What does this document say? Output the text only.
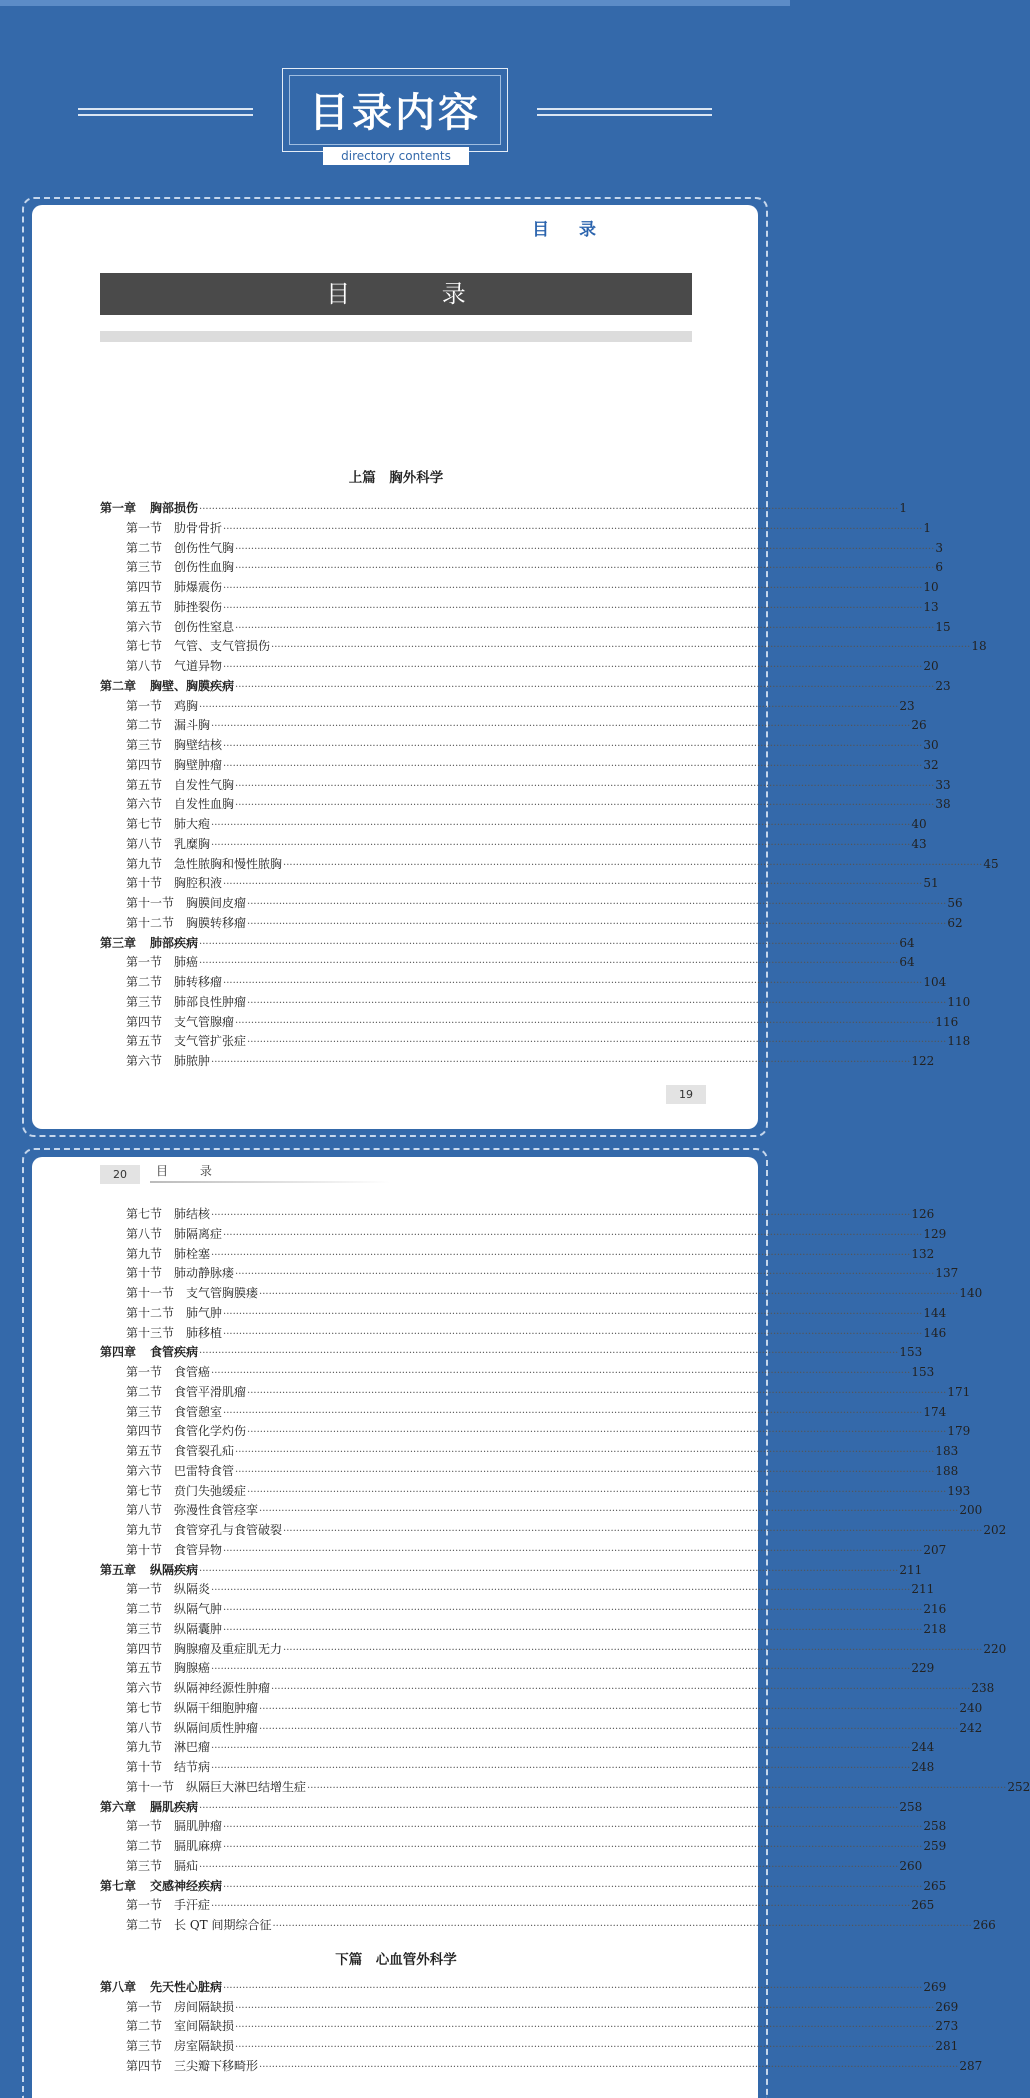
目录内容
directory contents
目 录
目 录
上篇　胸外科学
第一章 胸部损伤 ···························································································································································································································· 1
第一节 肋骨骨折 ···························································································································································································································· 1
第二节 创伤性气胸 ···························································································································································································································· 3
第三节 创伤性血胸 ···························································································································································································································· 6
第四节 肺爆震伤 ···························································································································································································································· 10
第五节 肺挫裂伤 ···························································································································································································································· 13
第六节 创伤性窒息 ···························································································································································································································· 15
第七节 气管、支气管损伤 ···························································································································································································································· 18
第八节 气道异物 ···························································································································································································································· 20
第二章 胸壁、胸膜疾病 ···························································································································································································································· 23
第一节 鸡胸 ···························································································································································································································· 23
第二节 漏斗胸 ···························································································································································································································· 26
第三节 胸壁结核 ···························································································································································································································· 30
第四节 胸壁肿瘤 ···························································································································································································································· 32
第五节 自发性气胸 ···························································································································································································································· 33
第六节 自发性血胸 ···························································································································································································································· 38
第七节 肺大疱 ···························································································································································································································· 40
第八节 乳糜胸 ···························································································································································································································· 43
第九节 急性脓胸和慢性脓胸 ···························································································································································································································· 45
第十节 胸腔积液 ···························································································································································································································· 51
第十一节 胸膜间皮瘤 ···························································································································································································································· 56
第十二节 胸膜转移瘤 ···························································································································································································································· 62
第三章 肺部疾病 ···························································································································································································································· 64
第一节 肺癌 ···························································································································································································································· 64
第二节 肺转移瘤 ···························································································································································································································· 104
第三节 肺部良性肿瘤 ···························································································································································································································· 110
第四节 支气管腺瘤 ···························································································································································································································· 116
第五节 支气管扩张症 ···························································································································································································································· 118
第六节 肺脓肿 ···························································································································································································································· 122
19
20	目 录
第七节 肺结核 ···························································································································································································································· 126
第八节 肺隔离症 ···························································································································································································································· 129
第九节 肺栓塞 ···························································································································································································································· 132
第十节 肺动静脉瘘 ···························································································································································································································· 137
第十一节 支气管胸膜瘘 ···························································································································································································································· 140
第十二节 肺气肿 ···························································································································································································································· 144
第十三节 肺移植 ···························································································································································································································· 146
第四章 食管疾病 ···························································································································································································································· 153
第一节 食管癌 ···························································································································································································································· 153
第二节 食管平滑肌瘤 ···························································································································································································································· 171
第三节 食管憩室 ···························································································································································································································· 174
第四节 食管化学灼伤 ···························································································································································································································· 179
第五节 食管裂孔疝 ···························································································································································································································· 183
第六节 巴雷特食管 ···························································································································································································································· 188
第七节 贲门失弛缓症 ···························································································································································································································· 193
第八节 弥漫性食管痉挛 ···························································································································································································································· 200
第九节 食管穿孔与食管破裂 ···························································································································································································································· 202
第十节 食管异物 ···························································································································································································································· 207
第五章 纵隔疾病 ···························································································································································································································· 211
第一节 纵隔炎 ···························································································································································································································· 211
第二节 纵隔气肿 ···························································································································································································································· 216
第三节 纵隔囊肿 ···························································································································································································································· 218
第四节 胸腺瘤及重症肌无力 ···························································································································································································································· 220
第五节 胸腺癌 ···························································································································································································································· 229
第六节 纵隔神经源性肿瘤 ···························································································································································································································· 238
第七节 纵隔干细胞肿瘤 ···························································································································································································································· 240
第八节 纵隔间质性肿瘤 ···························································································································································································································· 242
第九节 淋巴瘤 ···························································································································································································································· 244
第十节 结节病 ···························································································································································································································· 248
第十一节 纵隔巨大淋巴结增生症 ···························································································································································································································· 252
第六章 膈肌疾病 ···························································································································································································································· 258
第一节 膈肌肿瘤 ···························································································································································································································· 258
第二节 膈肌麻痹 ···························································································································································································································· 259
第三节 膈疝 ···························································································································································································································· 260
第七章 交感神经疾病 ···························································································································································································································· 265
第一节 手汗症 ···························································································································································································································· 265
第二节 长 QT 间期综合征 ···························································································································································································································· 266
下篇　心血管外科学
第八章 先天性心脏病 ···························································································································································································································· 269
第一节 房间隔缺损 ···························································································································································································································· 269
第二节 室间隔缺损 ···························································································································································································································· 273
第三节 房室隔缺损 ···························································································································································································································· 281
第四节 三尖瓣下移畸形 ···························································································································································································································· 287
